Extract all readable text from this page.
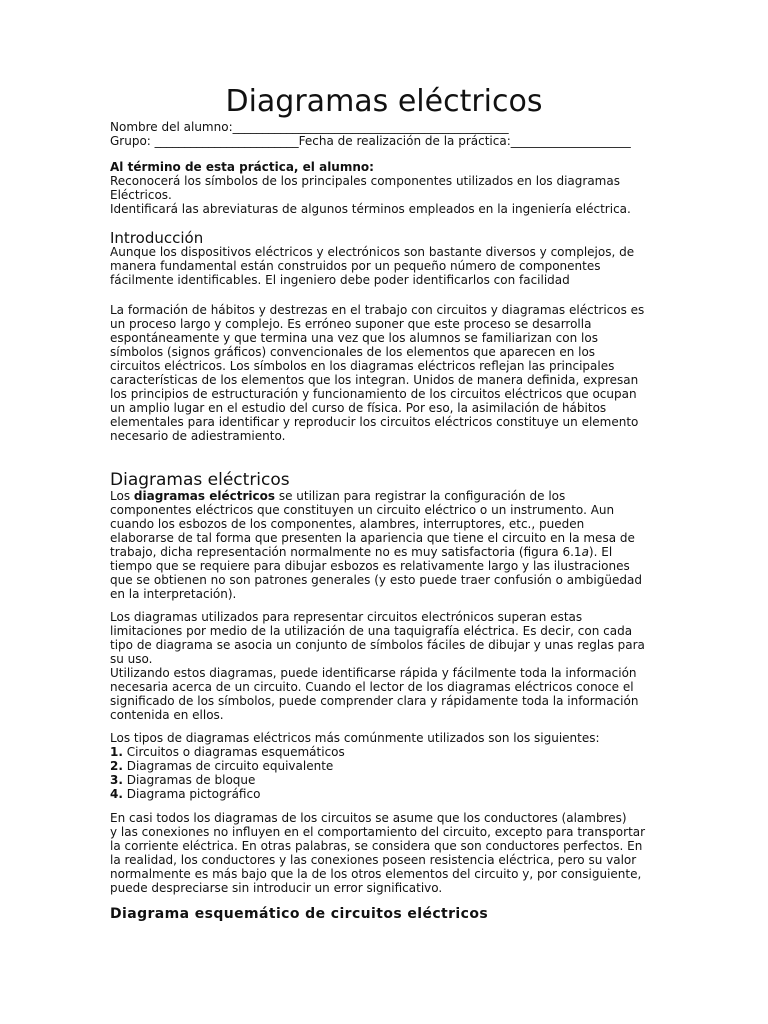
Diagramas eléctricos
Nombre del alumno:______________________________________________
Grupo: ________________________Fecha de realización de la práctica:____________________
Al término de esta práctica, el alumno:
Reconocerá los símbolos de los principales componentes utilizados en los diagramas
Eléctricos.
Identificará las abreviaturas de algunos términos empleados en la ingeniería eléctrica.
Introducción
Aunque los dispositivos eléctricos y electrónicos son bastante diversos y complejos, de
manera fundamental están construidos por un pequeño número de componentes
fácilmente identificables. El ingeniero debe poder identificarlos con facilidad
La formación de hábitos y destrezas en el trabajo con circuitos y diagramas eléctricos es
un proceso largo y complejo. Es erróneo suponer que este proceso se desarrolla
espontáneamente y que termina una vez que los alumnos se familiarizan con los
símbolos (signos gráficos) convencionales de los elementos que aparecen en los
circuitos eléctricos. Los símbolos en los diagramas eléctricos reflejan las principales
características de los elementos que los integran. Unidos de manera definida, expresan
los principios de estructuración y funcionamiento de los circuitos eléctricos que ocupan
un amplio lugar en el estudio del curso de física. Por eso, la asimilación de hábitos
elementales para identificar y reproducir los circuitos eléctricos constituye un elemento
necesario de adiestramiento.
Diagramas eléctricos
Los diagramas eléctricos se utilizan para registrar la configuración de los
componentes eléctricos que constituyen un circuito eléctrico o un instrumento. Aun
cuando los esbozos de los componentes, alambres, interruptores, etc., pueden
elaborarse de tal forma que presenten la apariencia que tiene el circuito en la mesa de
trabajo, dicha representación normalmente no es muy satisfactoria (figura 6.1a). El
tiempo que se requiere para dibujar esbozos es relativamente largo y las ilustraciones
que se obtienen no son patrones generales (y esto puede traer confusión o ambigüedad
en la interpretación).
Los diagramas utilizados para representar circuitos electrónicos superan estas
limitaciones por medio de la utilización de una taquigrafía eléctrica. Es decir, con cada
tipo de diagrama se asocia un conjunto de símbolos fáciles de dibujar y unas reglas para
su uso.
Utilizando estos diagramas, puede identificarse rápida y fácilmente toda la información
necesaria acerca de un circuito. Cuando el lector de los diagramas eléctricos conoce el
significado de los símbolos, puede comprender clara y rápidamente toda la información
contenida en ellos.
Los tipos de diagramas eléctricos más comúnmente utilizados son los siguientes:
1. Circuitos o diagramas esquemáticos
2. Diagramas de circuito equivalente
3. Diagramas de bloque
4. Diagrama pictográfico
En casi todos los diagramas de los circuitos se asume que los conductores (alambres)
y las conexiones no influyen en el comportamiento del circuito, excepto para transportar
la corriente eléctrica. En otras palabras, se considera que son conductores perfectos. En
la realidad, los conductores y las conexiones poseen resistencia eléctrica, pero su valor
normalmente es más bajo que la de los otros elementos del circuito y, por consiguiente,
puede despreciarse sin introducir un error significativo.
Diagrama esquemático de circuitos eléctricos
